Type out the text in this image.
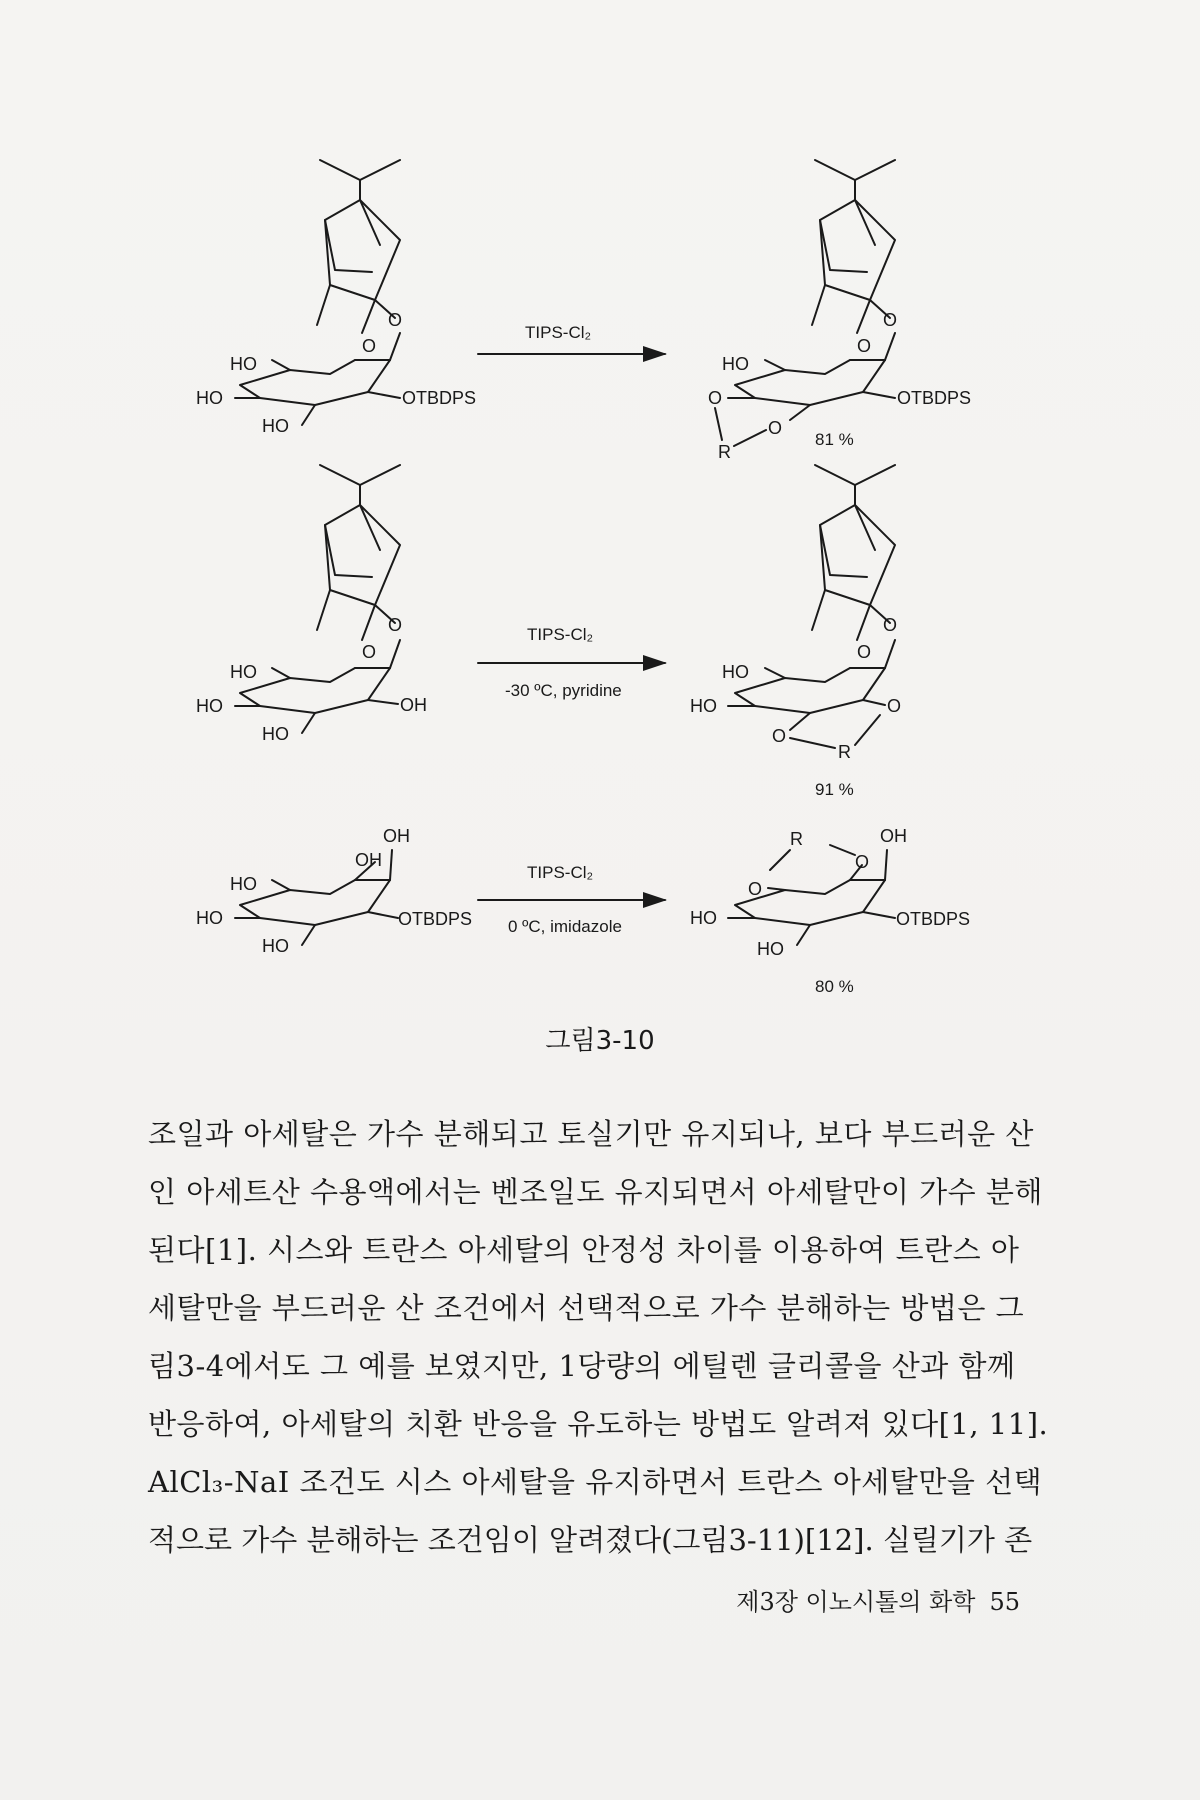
O
O
OTBDPS
HO
HO
HO
TIPS-Cl₂
O
O
OTBDPS
HO
O
R
O
81 %
O
O
OH
HO
HO
HO
TIPS-Cl₂
-30 ºC, pyridine
O
O
O
HO
HO
O
R
91 %
OH
OH
OTBDPS
HO
HO
HO
TIPS-Cl₂
0 ºC, imidazole
OH
O
R
O
OTBDPS
HO
HO
80 %
그림3-10
조일과 아세탈은 가수 분해되고 토실기만 유지되나, 보다 부드러운 산
인 아세트산 수용액에서는 벤조일도 유지되면서 아세탈만이 가수 분해
된다[1]. 시스와 트란스 아세탈의 안정성 차이를 이용하여 트란스 아
세탈만을 부드러운 산 조건에서 선택적으로 가수 분해하는 방법은 그
림3-4에서도 그 예를 보였지만, 1당량의 에틸렌 글리콜을 산과 함께
반응하여, 아세탈의 치환 반응을 유도하는 방법도 알려져 있다[1, 11].
AlCl₃-NaI 조건도 시스 아세탈을 유지하면서 트란스 아세탈만을 선택
적으로 가수 분해하는 조건임이 알려졌다(그림3-11)[12]. 실릴기가 존
제3장 이노시톨의 화학 55
